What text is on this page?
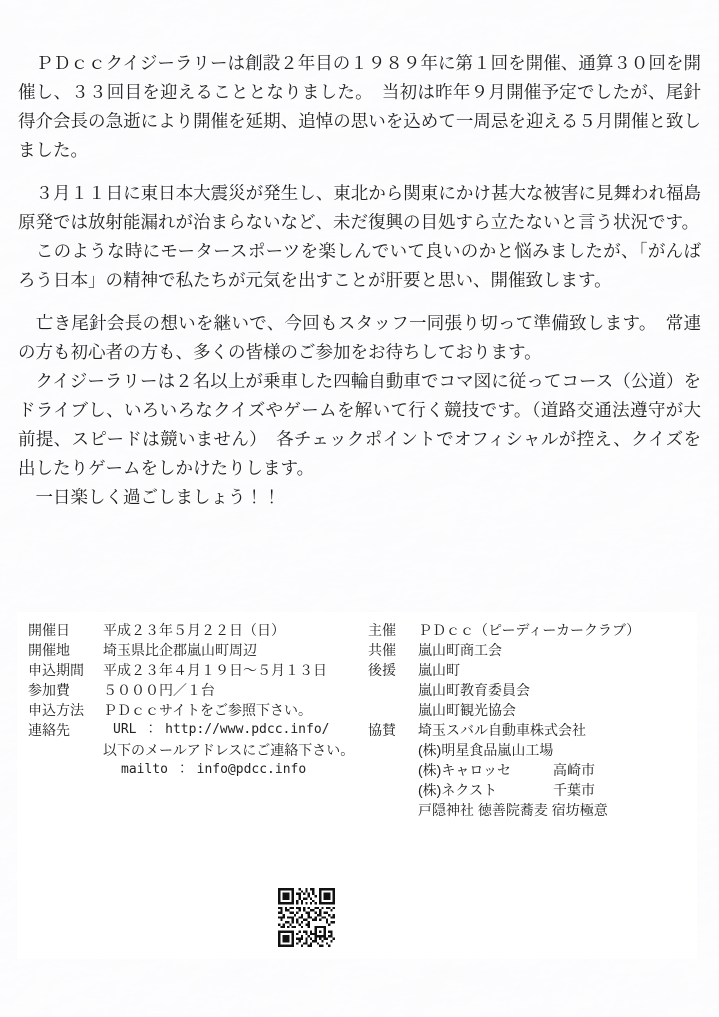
　ＰＤｃｃクイジーラリーは創設２年目の１９８９年に第１回を開催、通算３０回を開催し、３３回目を迎えることとなりました。　当初は昨年９月開催予定でしたが、尾針得介会長の急逝により開催を延期、追悼の思いを込めて一周忌を迎える５月開催と致しました。

　３月１１日に東日本大震災が発生し、東北から関東にかけ甚大な被害に見舞われ福島原発では放射能漏れが治まらないなど、未だ復興の目処すら立たないと言う状況です。

　このような時にモータースポーツを楽しんでいて良いのかと悩みましたが、「がんばろう日本」の精神で私たちが元気を出すことが肝要と思い、開催致します。

　亡き尾針会長の想いを継いで、今回もスタッフ一同張り切って準備致します。　常連の方も初心者の方も、多くの皆様のご参加をお待ちしております。

　クイジーラリーは２名以上が乗車した四輪自動車でコマ図に従ってコース（公道）をドライブし、いろいろなクイズやゲームを解いて行く競技です。（道路交通法遵守が大前提、スピードは競いません）　各チェックポイントでオフィシャルが控え、クイズを出したりゲームをしかけたりします。

　一日楽しく過ごしましょう！！

開催日	平成２３年５月２２日（日）
開催地	埼玉県比企郡嵐山町周辺
申込期間	平成２３年４月１９日～５月１３日
参加費	５０００円／１台
申込方法	ＰＤｃｃサイトをご参照下さい。
連絡先	URL ： http://www.pdcc.info/
以下のメールアドレスにご連絡下さい。
mailto ： info@pdcc.info
主催	ＰＤｃｃ（ピーディーカークラブ）
共催	嵐山町商工会
後援	嵐山町
嵐山町教育委員会
嵐山町観光協会
協賛	埼玉スバル自動車株式会社
(株)明星食品嵐山工場
(株)キャロッセ	高崎市
(株)ネクスト	千葉市
戸隠神社 徳善院蕎麦 宿坊極意
